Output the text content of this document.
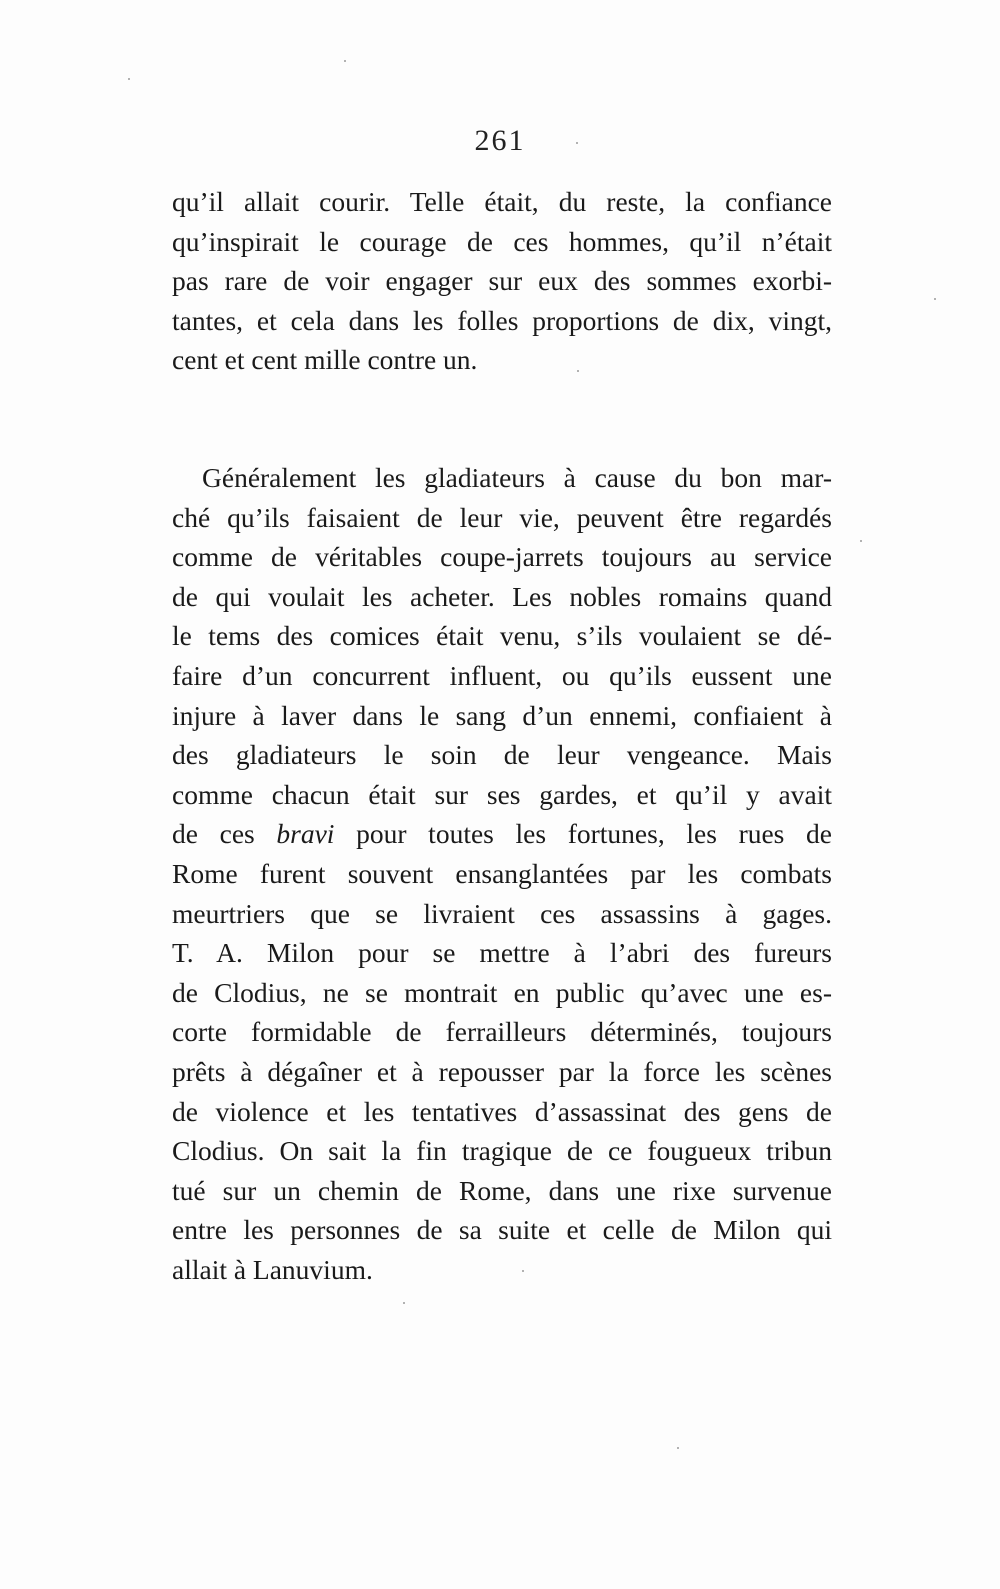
261
qu’il allait courir. Telle était, du reste, la confiance
qu’inspirait le courage de ces hommes, qu’il n’était
pas rare de voir engager sur eux des sommes exorbi-
tantes, et cela dans les folles proportions de dix, vingt,
cent et cent mille contre un.
Généralement les gladiateurs à cause du bon mar-
ché qu’ils faisaient de leur vie, peuvent être regardés
comme de véritables coupe-jarrets toujours au service
de qui voulait les acheter. Les nobles romains quand
le tems des comices était venu, s’ils voulaient se dé-
faire d’un concurrent influent, ou qu’ils eussent une
injure à laver dans le sang d’un ennemi, confiaient à
des gladiateurs le soin de leur vengeance. Mais
comme chacun était sur ses gardes, et qu’il y avait
de ces bravi pour toutes les fortunes, les rues de
Rome furent souvent ensanglantées par les combats
meurtriers que se livraient ces assassins à gages.
T. A. Milon pour se mettre à l’abri des fureurs
de Clodius, ne se montrait en public qu’avec une es-
corte formidable de ferrailleurs déterminés, toujours
prêts à dégaîner et à repousser par la force les scènes
de violence et les tentatives d’assassinat des gens de
Clodius. On sait la fin tragique de ce fougueux tribun
tué sur un chemin de Rome, dans une rixe survenue
entre les personnes de sa suite et celle de Milon qui
allait à Lanuvium.
